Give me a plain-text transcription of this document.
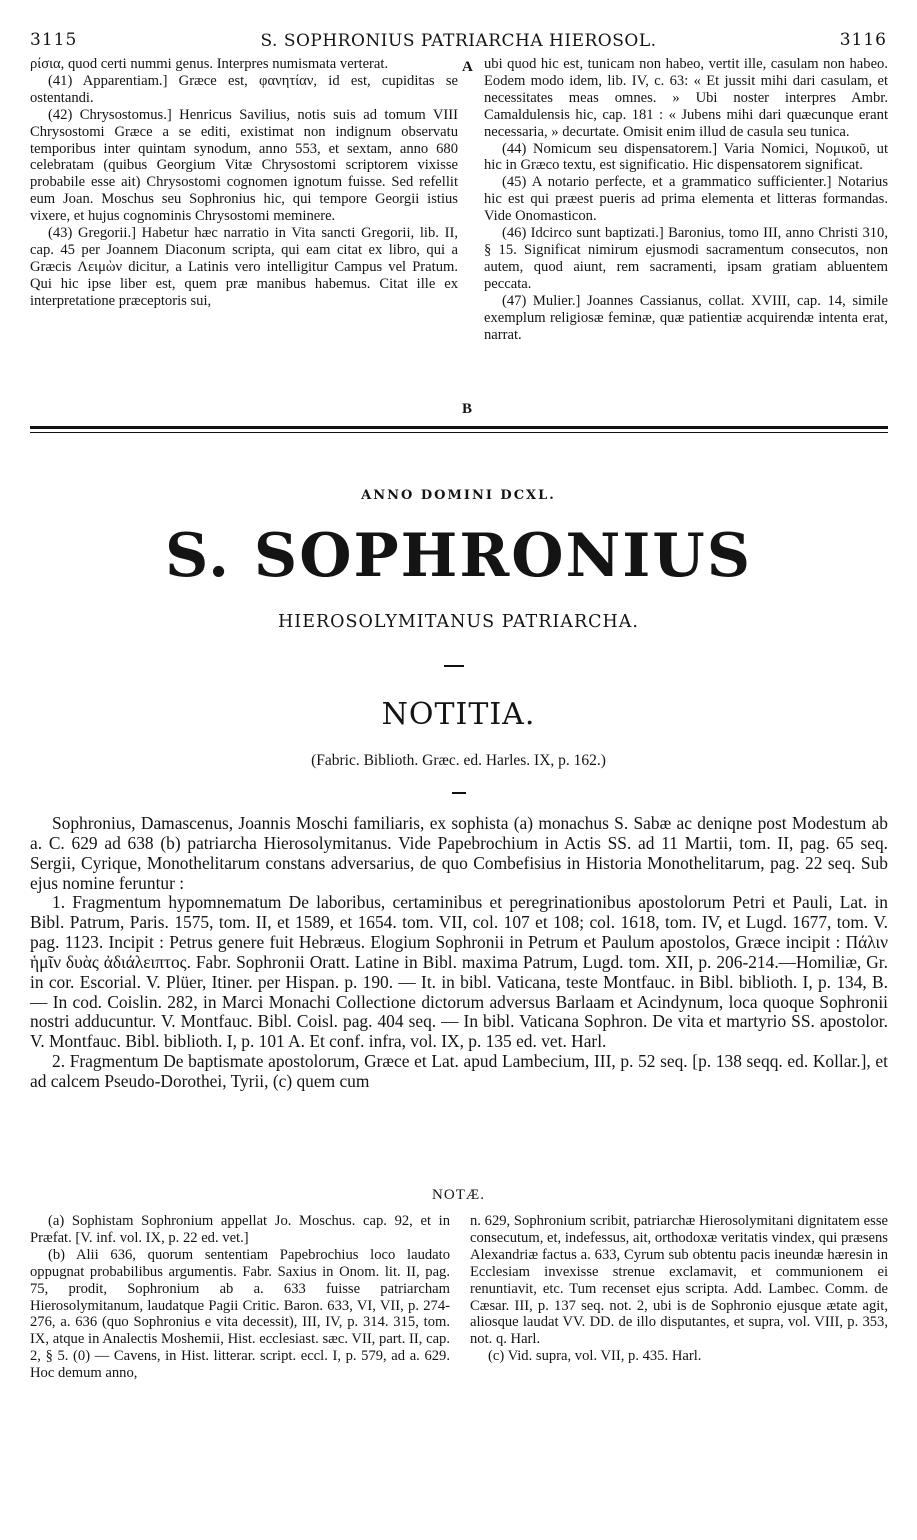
3115	S. SOPHRONIUS PATRIARCHA HIEROSOL.	3116

ρίσια, quod certi nummi genus. Interpres numismata verterat.

(41) Apparentiam.] Græce est, φανητίαν, id est, cupiditas se ostentandi.

(42) Chrysostomus.] Henricus Savilius, notis suis ad tomum VIII Chrysostomi Græce a se editi, existimat non indignum observatu temporibus inter quintam synodum, anno 553, et sextam, anno 680 celebratam (quibus Georgium Vitæ Chrysostomi scriptorem vixisse probabile esse ait) Chrysostomi cognomen ignotum fuisse. Sed refellit eum Joan. Moschus seu Sophronius hic, qui tempore Georgii istius vixere, et hujus cognominis Chrysostomi meminere.

(43) Gregorii.] Habetur hæc narratio in Vita sancti Gregorii, lib. II, cap. 45 per Joannem Diaconum scripta, qui eam citat ex libro, qui a Græcis Λειμὼν dicitur, a Latinis vero intelligitur Campus vel Pratum. Qui hic ipse liber est, quem præ manibus habemus. Citat ille ex interpretatione præceptoris sui,

A
B

ubi quod hic est, tunicam non habeo, vertit ille, casulam non habeo. Eodem modo idem, lib. IV, c. 63: « Et jussit mihi dari casulam, et necessitates meas omnes. » Ubi noster interpres Ambr. Camaldulensis hic, cap. 181 : « Jubens mihi dari quæcunque erant necessaria, » decurtate. Omisit enim illud de casula seu tunica.

(44) Nomicum seu dispensatorem.] Varia Nomici, Νομικοῦ, ut hic in Græco textu, est significatio. Hic dispensatorem significat.

(45) A notario perfecte, et a grammatico sufficienter.] Notarius hic est qui præest pueris ad prima elementa et litteras formandas. Vide Onomasticon.

(46) Idcirco sunt baptizati.] Baronius, tomo III, anno Christi 310, § 15. Significat nimirum ejusmodi sacramentum consecutos, non autem, quod aiunt, rem sacramenti, ipsam gratiam abluentem peccata.

(47) Mulier.] Joannes Cassianus, collat. XVIII, cap. 14, simile exemplum religiosæ feminæ, quæ patientiæ acquirendæ intenta erat, narrat.

ANNO DOMINI DCXL.
S. SOPHRONIUS
HIEROSOLYMITANUS PATRIARCHA.
NOTITIA.
(Fabric. Biblioth. Græc. ed. Harles. IX, p. 162.)

Sophronius, Damascenus, Joannis Moschi familiaris, ex sophista (a) monachus S. Sabæ ac deniqne post Modestum ab a. C. 629 ad 638 (b) patriarcha Hierosolymitanus. Vide Papebrochium in Actis SS. ad 11 Martii, tom. II, pag. 65 seq. Sergii, Cyrique, Monothelitarum constans adversarius, de quo Combefisius in Historia Monothelitarum, pag. 22 seq. Sub ejus nomine feruntur :

1. Fragmentum hypomnematum De laboribus, certaminibus et peregrinationibus apostolorum Petri et Pauli, Lat. in Bibl. Patrum, Paris. 1575, tom. II, et 1589, et 1654. tom. VII, col. 107 et 108; col. 1618, tom. IV, et Lugd. 1677, tom. V. pag. 1123. Incipit : Petrus genere fuit Hebræus. Elogium Sophronii in Petrum et Paulum apostolos, Græce incipit : Πάλιν ἡμῖν δυὰς ἀδιάλειπτος. Fabr. Sophronii Oratt. Latine in Bibl. maxima Patrum, Lugd. tom. XII, p. 206-214.—Homiliæ, Gr. in cor. Escorial. V. Plüer, Itiner. per Hispan. p. 190. — It. in bibl. Vaticana, teste Montfauc. in Bibl. biblioth. I, p. 134, B. — In cod. Coislin. 282, in Marci Monachi Collectione dictorum adversus Barlaam et Acindynum, loca quoque Sophronii nostri adducuntur. V. Montfauc. Bibl. Coisl. pag. 404 seq. — In bibl. Vaticana Sophron. De vita et martyrio SS. apostolor. V. Montfauc. Bibl. biblioth. I, p. 101 A. Et conf. infra, vol. IX, p. 135 ed. vet. Harl.

2. Fragmentum De baptismate apostolorum, Græce et Lat. apud Lambecium, III, p. 52 seq. [p. 138 seqq. ed. Kollar.], et ad calcem Pseudo-Dorothei, Tyrii, (c) quem cum

NOTÆ.

(a) Sophistam Sophronium appellat Jo. Moschus. cap. 92, et in Præfat. [V. inf. vol. IX, p. 22 ed. vet.]

(b) Alii 636, quorum sententiam Papebrochius loco laudato oppugnat probabilibus argumentis. Fabr. Saxius in Onom. lit. II, pag. 75, prodit, Sophronium ab a. 633 fuisse patriarcham Hierosolymitanum, laudatque Pagii Critic. Baron. 633, VI, VII, p. 274-276, a. 636 (quo Sophronius e vita decessit), III, IV, p. 314. 315, tom. IX, atque in Analectis Moshemii, Hist. ecclesiast. sæc. VII, part. II, cap. 2, § 5. (0) — Cavens, in Hist. litterar. script. eccl. I, p. 579, ad a. 629. Hoc demum anno,

n. 629, Sophronium scribit, patriarchæ Hierosolymitani dignitatem esse consecutum, et, indefessus, ait, orthodoxæ veritatis vindex, qui præsens Alexandriæ factus a. 633, Cyrum sub obtentu pacis ineundæ hæresin in Ecclesiam invexisse strenue exclamavit, et communionem ei renuntiavit, etc. Tum recenset ejus scripta. Add. Lambec. Comm. de Cæsar. III, p. 137 seq. not. 2, ubi is de Sophronio ejusque ætate agit, aliosque laudat VV. DD. de illo disputantes, et supra, vol. VIII, p. 353, not. q. Harl.

(c) Vid. supra, vol. VII, p. 435. Harl.
